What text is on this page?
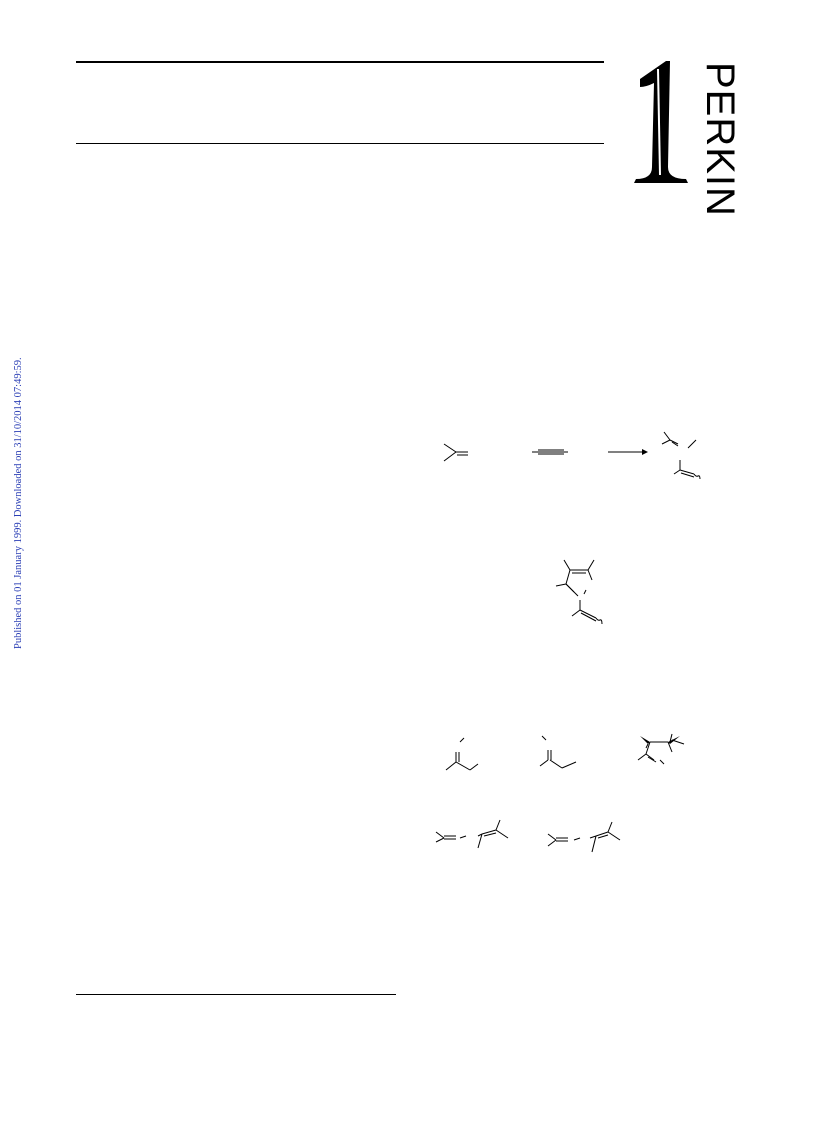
Published on 01 January 1999. Downloaded on 31/10/2014 07:49:59.
PERKIN
